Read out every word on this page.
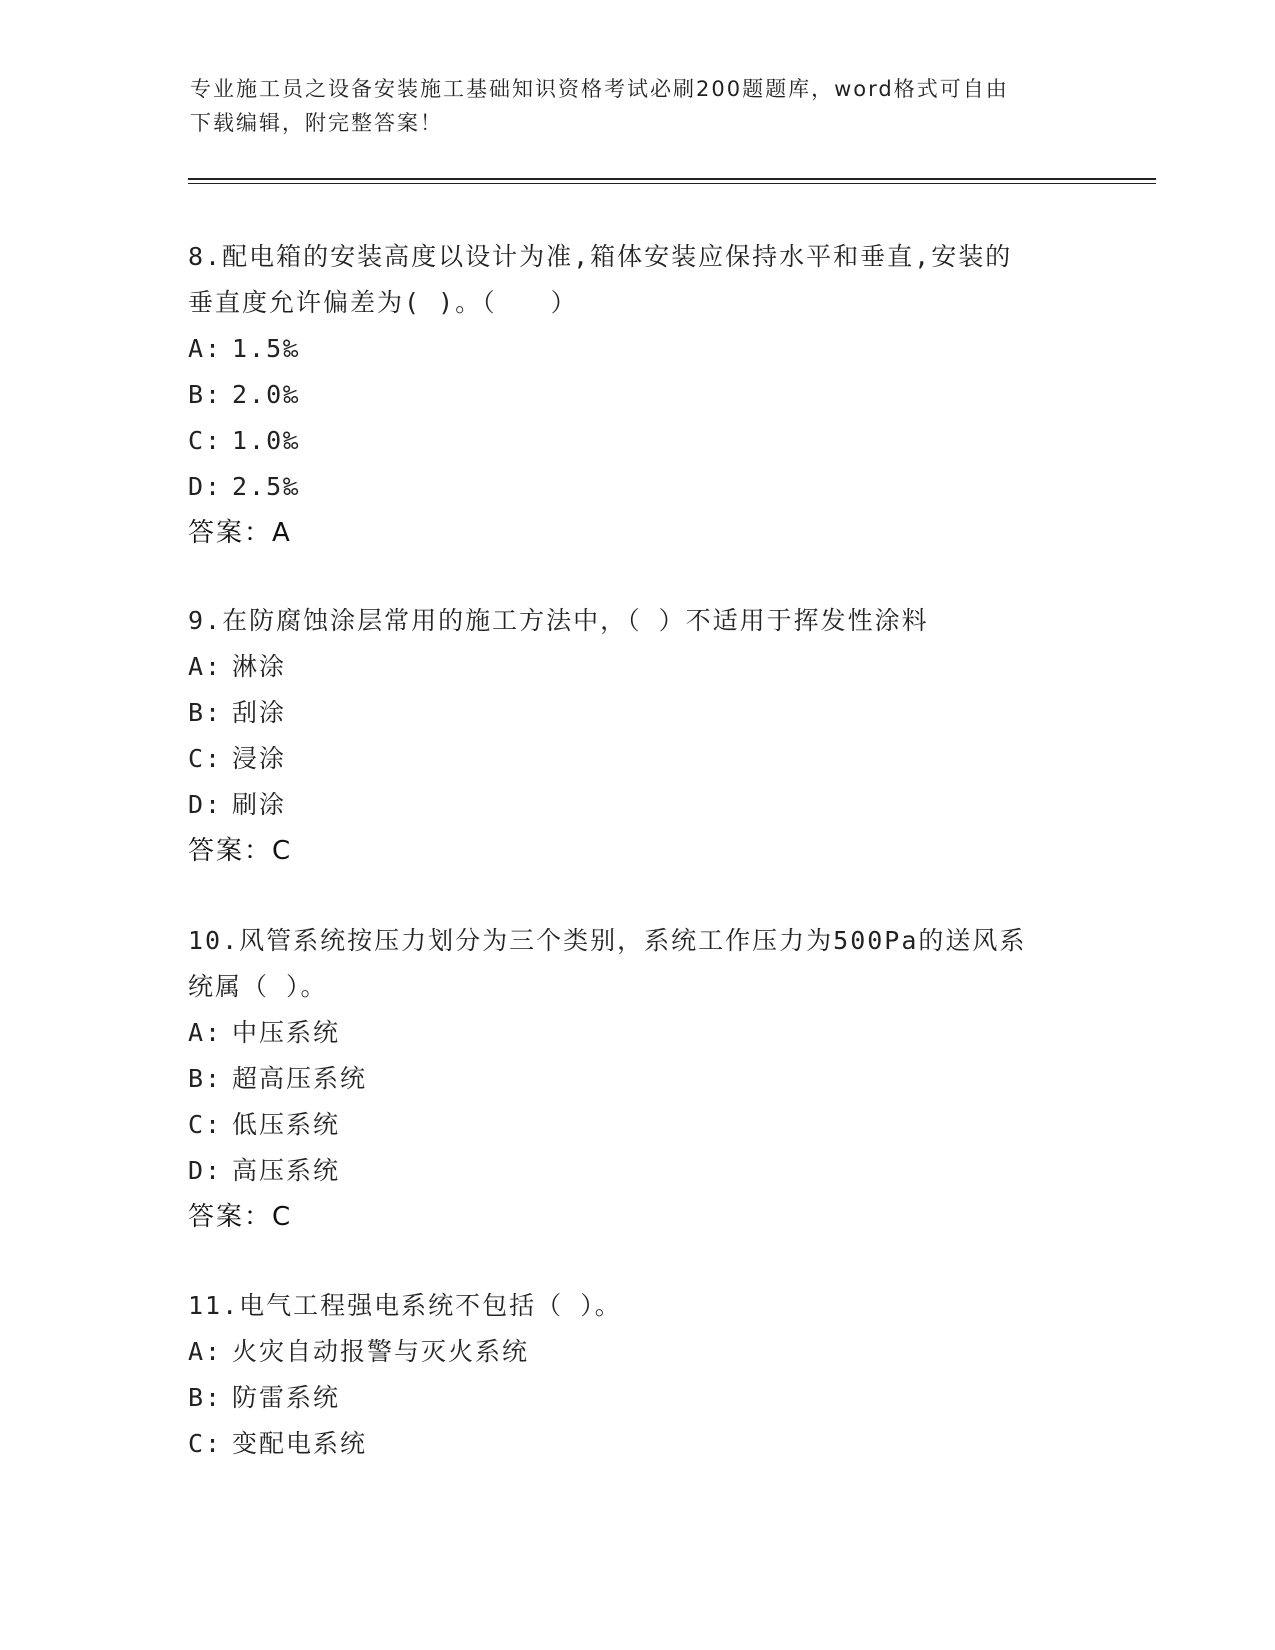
专业施工员之设备安装施工基础知识资格考试必刷200题题库，word格式可自由
下载编辑，附完整答案！

8.配电箱的安装高度以设计为准,箱体安装应保持水平和垂直,安装的

垂直度允许偏差为( )。（　　）

A: 1.5‰

B: 2.0‰

C: 1.0‰

D: 2.5‰

答案：A

9.在防腐蚀涂层常用的施工方法中，（ ）不适用于挥发性涂料

A: 淋涂

B: 刮涂

C: 浸涂

D: 刷涂

答案：C

10.风管系统按压力划分为三个类别，系统工作压力为500Pa的送风系

统属（ ）。

A: 中压系统

B: 超高压系统

C: 低压系统

D: 高压系统

答案：C

11.电气工程强电系统不包括（ ）。

A: 火灾自动报警与灭火系统

B: 防雷系统

C: 变配电系统
